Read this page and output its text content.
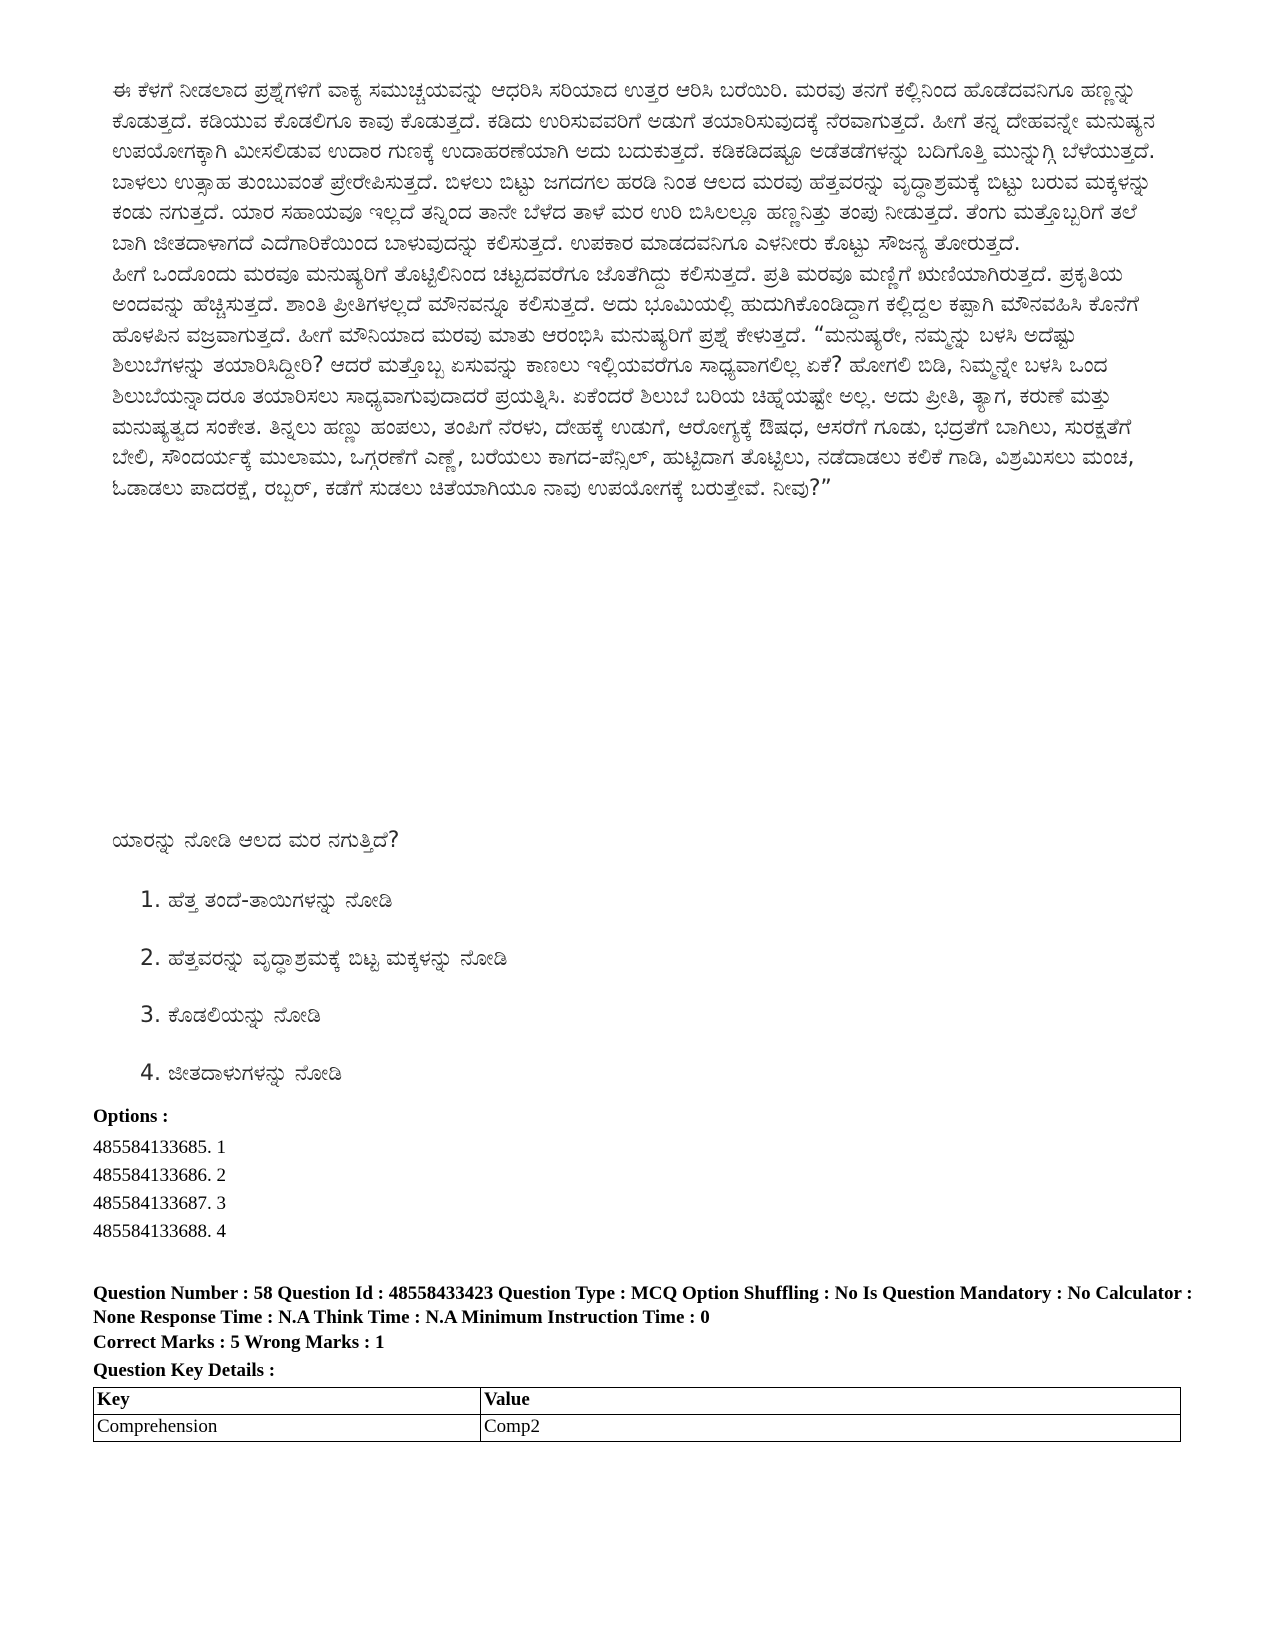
ಈ ಕೆಳಗೆ ನೀಡಲಾದ ಪ್ರಶ್ನೆಗಳಿಗೆ ವಾಕ್ಯ ಸಮುಚ್ಚಯವನ್ನು ಆಧರಿಸಿ ಸರಿಯಾದ ಉತ್ತರ ಆರಿಸಿ ಬರೆಯಿರಿ. ಮರವು ತನಗೆ ಕಲ್ಲಿನಿಂದ ಹೊಡೆದವನಿಗೂ ಹಣ್ಣನ್ನು ಕೊಡುತ್ತದೆ. ಕಡಿಯುವ ಕೊಡಲಿಗೂ ಕಾವು ಕೊಡುತ್ತದೆ. ಕಡಿದು ಉರಿಸುವವರಿಗೆ ಅಡುಗೆ ತಯಾರಿಸುವುದಕ್ಕೆ ನೆರವಾಗುತ್ತದೆ. ಹೀಗೆ ತನ್ನ ದೇಹವನ್ನೇ ಮನುಷ್ಯನ ಉಪಯೋಗಕ್ಕಾಗಿ ಮೀಸಲಿಡುವ ಉದಾರ ಗುಣಕ್ಕೆ ಉದಾಹರಣೆಯಾಗಿ ಅದು ಬದುಕುತ್ತದೆ. ಕಡಿಕಡಿದಷ್ಟೂ ಅಡೆತಡೆಗಳನ್ನು ಬದಿಗೊತ್ತಿ ಮುನ್ನುಗ್ಗಿ ಬೆಳೆಯುತ್ತದೆ. ಬಾಳಲು ಉತ್ಸಾಹ ತುಂಬುವಂತೆ ಪ್ರೇರೇಪಿಸುತ್ತದೆ. ಬಿಳಲು ಬಿಟ್ಟು ಜಗದಗಲ ಹರಡಿ ನಿಂತ ಆಲದ ಮರವು ಹೆತ್ತವರನ್ನು ವೃದ್ಧಾಶ್ರಮಕ್ಕೆ ಬಿಟ್ಟು ಬರುವ ಮಕ್ಕಳನ್ನು ಕಂಡು ನಗುತ್ತದೆ. ಯಾರ ಸಹಾಯವೂ ಇಲ್ಲದೆ ತನ್ನಿಂದ ತಾನೇ ಬೆಳೆದ ತಾಳೆ ಮರ ಉರಿ ಬಿಸಿಲಲ್ಲೂ ಹಣ್ಣನಿತ್ತು ತಂಪು ನೀಡುತ್ತದೆ. ತೆಂಗು ಮತ್ತೊಬ್ಬರಿಗೆ ತಲೆ ಬಾಗಿ ಜೀತದಾಳಾಗದೆ ಎದೆಗಾರಿಕೆಯಿಂದ ಬಾಳುವುದನ್ನು ಕಲಿಸುತ್ತದೆ. ಉಪಕಾರ ಮಾಡದವನಿಗೂ ಎಳನೀರು ಕೊಟ್ಟು ಸೌಜನ್ಯ ತೋರುತ್ತದೆ.

ಹೀಗೆ ಒಂದೊಂದು ಮರವೂ ಮನುಷ್ಯರಿಗೆ ತೊಟ್ಟಿಲಿನಿಂದ ಚಟ್ಟದವರೆಗೂ ಜೊತೆಗಿದ್ದು ಕಲಿಸುತ್ತದೆ. ಪ್ರತಿ ಮರವೂ ಮಣ್ಣಿಗೆ ಋಣಿಯಾಗಿರುತ್ತದೆ. ಪ್ರಕೃತಿಯ ಅಂದವನ್ನು ಹೆಚ್ಚಿಸುತ್ತದೆ. ಶಾಂತಿ ಪ್ರೀತಿಗಳಲ್ಲದೆ ಮೌನವನ್ನೂ ಕಲಿಸುತ್ತದೆ. ಅದು ಭೂಮಿಯಲ್ಲಿ ಹುದುಗಿಕೊಂಡಿದ್ದಾಗ ಕಲ್ಲಿದ್ದಲ ಕಪ್ಪಾಗಿ ಮೌನವಹಿಸಿ ಕೊನೆಗೆ ಹೊಳಪಿನ ವಜ್ರವಾಗುತ್ತದೆ. ಹೀಗೆ ಮೌನಿಯಾದ ಮರವು ಮಾತು ಆರಂಭಿಸಿ ಮನುಷ್ಯರಿಗೆ ಪ್ರಶ್ನೆ ಕೇಳುತ್ತದೆ. “ಮನುಷ್ಯರೇ, ನಮ್ಮನ್ನು ಬಳಸಿ ಅದೆಷ್ಟು ಶಿಲುಬೆಗಳನ್ನು ತಯಾರಿಸಿದ್ದೀರಿ? ಆದರೆ ಮತ್ತೊಬ್ಬ ಏಸುವನ್ನು ಕಾಣಲು ಇಲ್ಲಿಯವರೆಗೂ ಸಾಧ್ಯವಾಗಲಿಲ್ಲ ಏಕೆ? ಹೋಗಲಿ ಬಿಡಿ, ನಿಮ್ಮನ್ನೇ ಬಳಸಿ ಒಂದ ಶಿಲುಬೆಯನ್ನಾದರೂ ತಯಾರಿಸಲು ಸಾಧ್ಯವಾಗುವುದಾದರೆ ಪ್ರಯತ್ನಿಸಿ. ಏಕೆಂದರೆ ಶಿಲುಬೆ ಬರಿಯ ಚಿಹ್ನೆಯಷ್ಟೇ ಅಲ್ಲ. ಅದು ಪ್ರೀತಿ, ತ್ಯಾಗ, ಕರುಣೆ ಮತ್ತು ಮನುಷ್ಯತ್ವದ ಸಂಕೇತ. ತಿನ್ನಲು ಹಣ್ಣು ಹಂಪಲು, ತಂಪಿಗೆ ನೆರಳು, ದೇಹಕ್ಕೆ ಉಡುಗೆ, ಆರೋಗ್ಯಕ್ಕೆ ಔಷಧ, ಆಸರೆಗೆ ಗೂಡು, ಭದ್ರತೆಗೆ ಬಾಗಿಲು, ಸುರಕ್ಷತೆಗೆ ಬೇಲಿ, ಸೌಂದರ್ಯಕ್ಕೆ ಮುಲಾಮು, ಒಗ್ಗರಣೆಗೆ ಎಣ್ಣೆ, ಬರೆಯಲು ಕಾಗದ-ಪೆನ್ಸಿಲ್, ಹುಟ್ಟಿದಾಗ ತೊಟ್ಟಿಲು, ನಡೆದಾಡಲು ಕಲಿಕೆ ಗಾಡಿ, ವಿಶ್ರಮಿಸಲು ಮಂಚ, ಓಡಾಡಲು ಪಾದರಕ್ಷೆ, ರಬ್ಬರ್, ಕಡೆಗೆ ಸುಡಲು ಚಿತೆಯಾಗಿಯೂ ನಾವು ಉಪಯೋಗಕ್ಕೆ ಬರುತ್ತೇವೆ. ನೀವು?”

ಯಾರನ್ನು ನೋಡಿ ಆಲದ ಮರ ನಗುತ್ತಿದೆ?
1. ಹೆತ್ತ ತಂದೆ-ತಾಯಿಗಳನ್ನು ನೋಡಿ
2. ಹೆತ್ತವರನ್ನು ವೃದ್ಧಾಶ್ರಮಕ್ಕೆ ಬಿಟ್ಟ ಮಕ್ಕಳನ್ನು ನೋಡಿ
3. ಕೊಡಲಿಯನ್ನು ನೋಡಿ
4. ಜೀತದಾಳುಗಳನ್ನು ನೋಡಿ
Options :
485584133685. 1
485584133686. 2
485584133687. 3
485584133688. 4
Question Number : 58 Question Id : 48558433423 Question Type : MCQ Option Shuffling : No Is Question Mandatory : No Calculator : None Response Time : N.A Think Time : N.A Minimum Instruction Time : 0
Correct Marks : 5 Wrong Marks : 1
Question Key Details :
Key	Value
Comprehension	Comp2
